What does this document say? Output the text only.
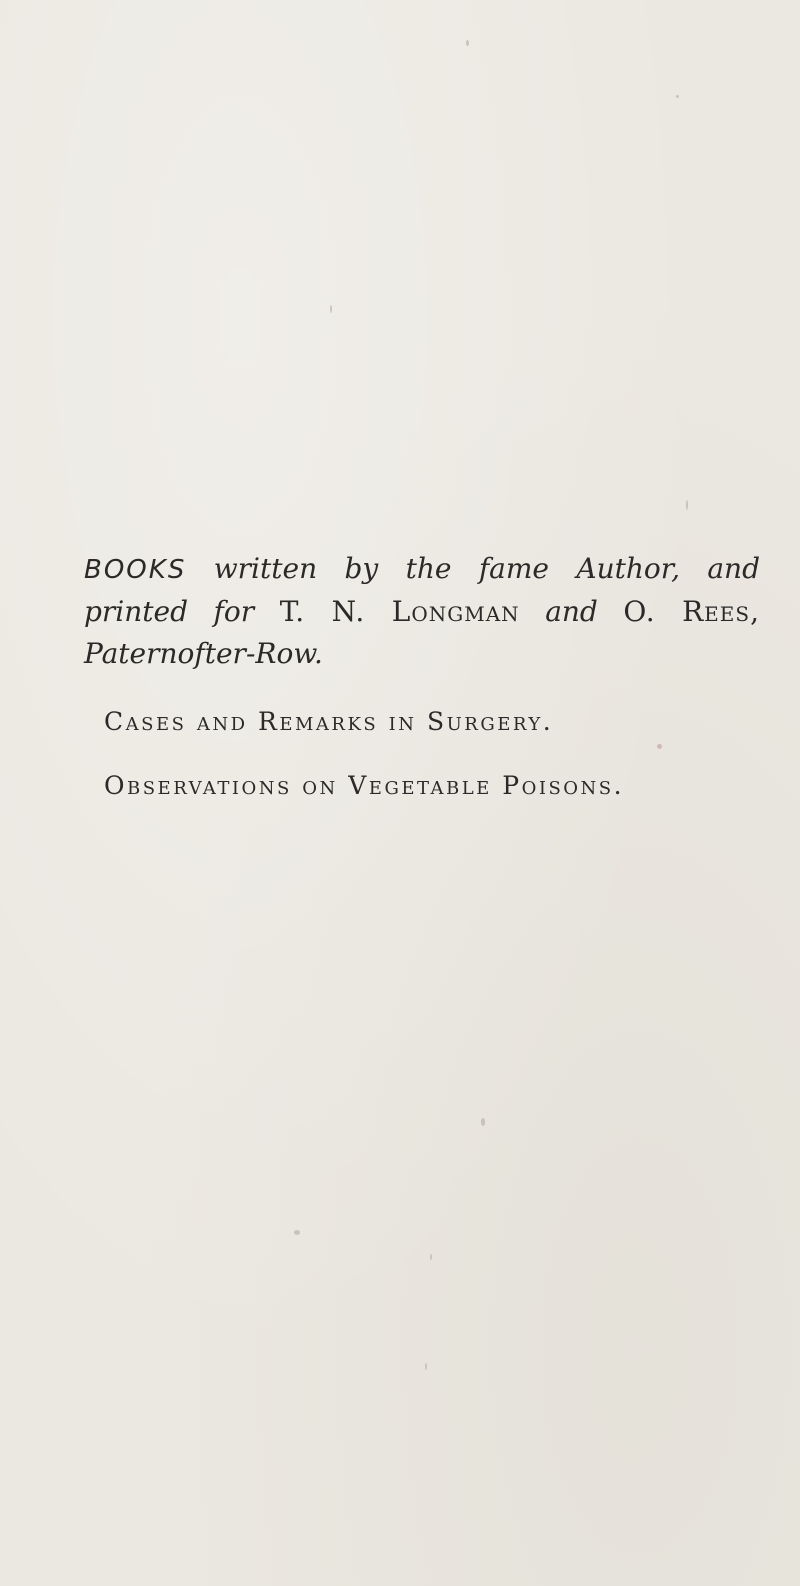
BOOKS written by the fame Author, and printed for T. N. Longman and O. Rees, Paternofter-Row.

Cases and Remarks in Surgery.
Observations on Vegetable Poisons.
